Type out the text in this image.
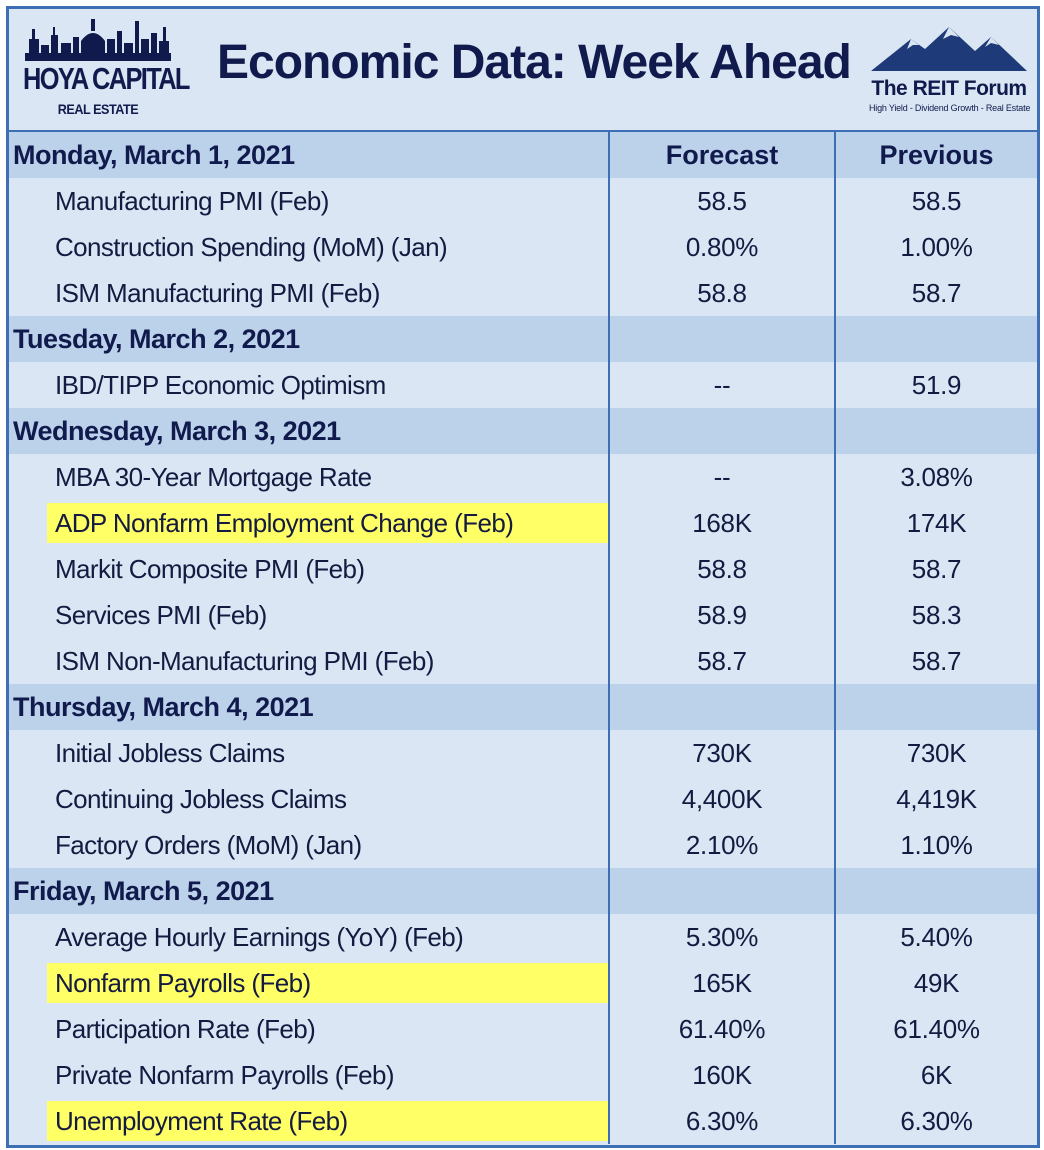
HOYA CAPITAL
REAL ESTATE
Economic Data: Week Ahead The REIT Forum
High Yield - Dividend Growth - Real Estate
Monday, March 1, 2021	Forecast	Previous
Manufacturing PMI (Feb)	58.5	58.5
Construction Spending (MoM) (Jan)	0.80%	1.00%
ISM Manufacturing PMI (Feb)	58.8	58.7
Tuesday, March 2, 2021
IBD/TIPP Economic Optimism	--	51.9
Wednesday, March 3, 2021
MBA 30-Year Mortgage Rate	--	3.08%
ADP Nonfarm Employment Change (Feb)	168K	174K
Markit Composite PMI (Feb)	58.8	58.7
Services PMI (Feb)	58.9	58.3
ISM Non-Manufacturing PMI (Feb)	58.7	58.7
Thursday, March 4, 2021
Initial Jobless Claims	730K	730K
Continuing Jobless Claims	4,400K	4,419K
Factory Orders (MoM) (Jan)	2.10%	1.10%
Friday, March 5, 2021
Average Hourly Earnings (YoY) (Feb)	5.30%	5.40%
Nonfarm Payrolls (Feb)	165K	49K
Participation Rate (Feb)	61.40%	61.40%
Private Nonfarm Payrolls (Feb)	160K	6K
Unemployment Rate (Feb)	6.30%	6.30%
